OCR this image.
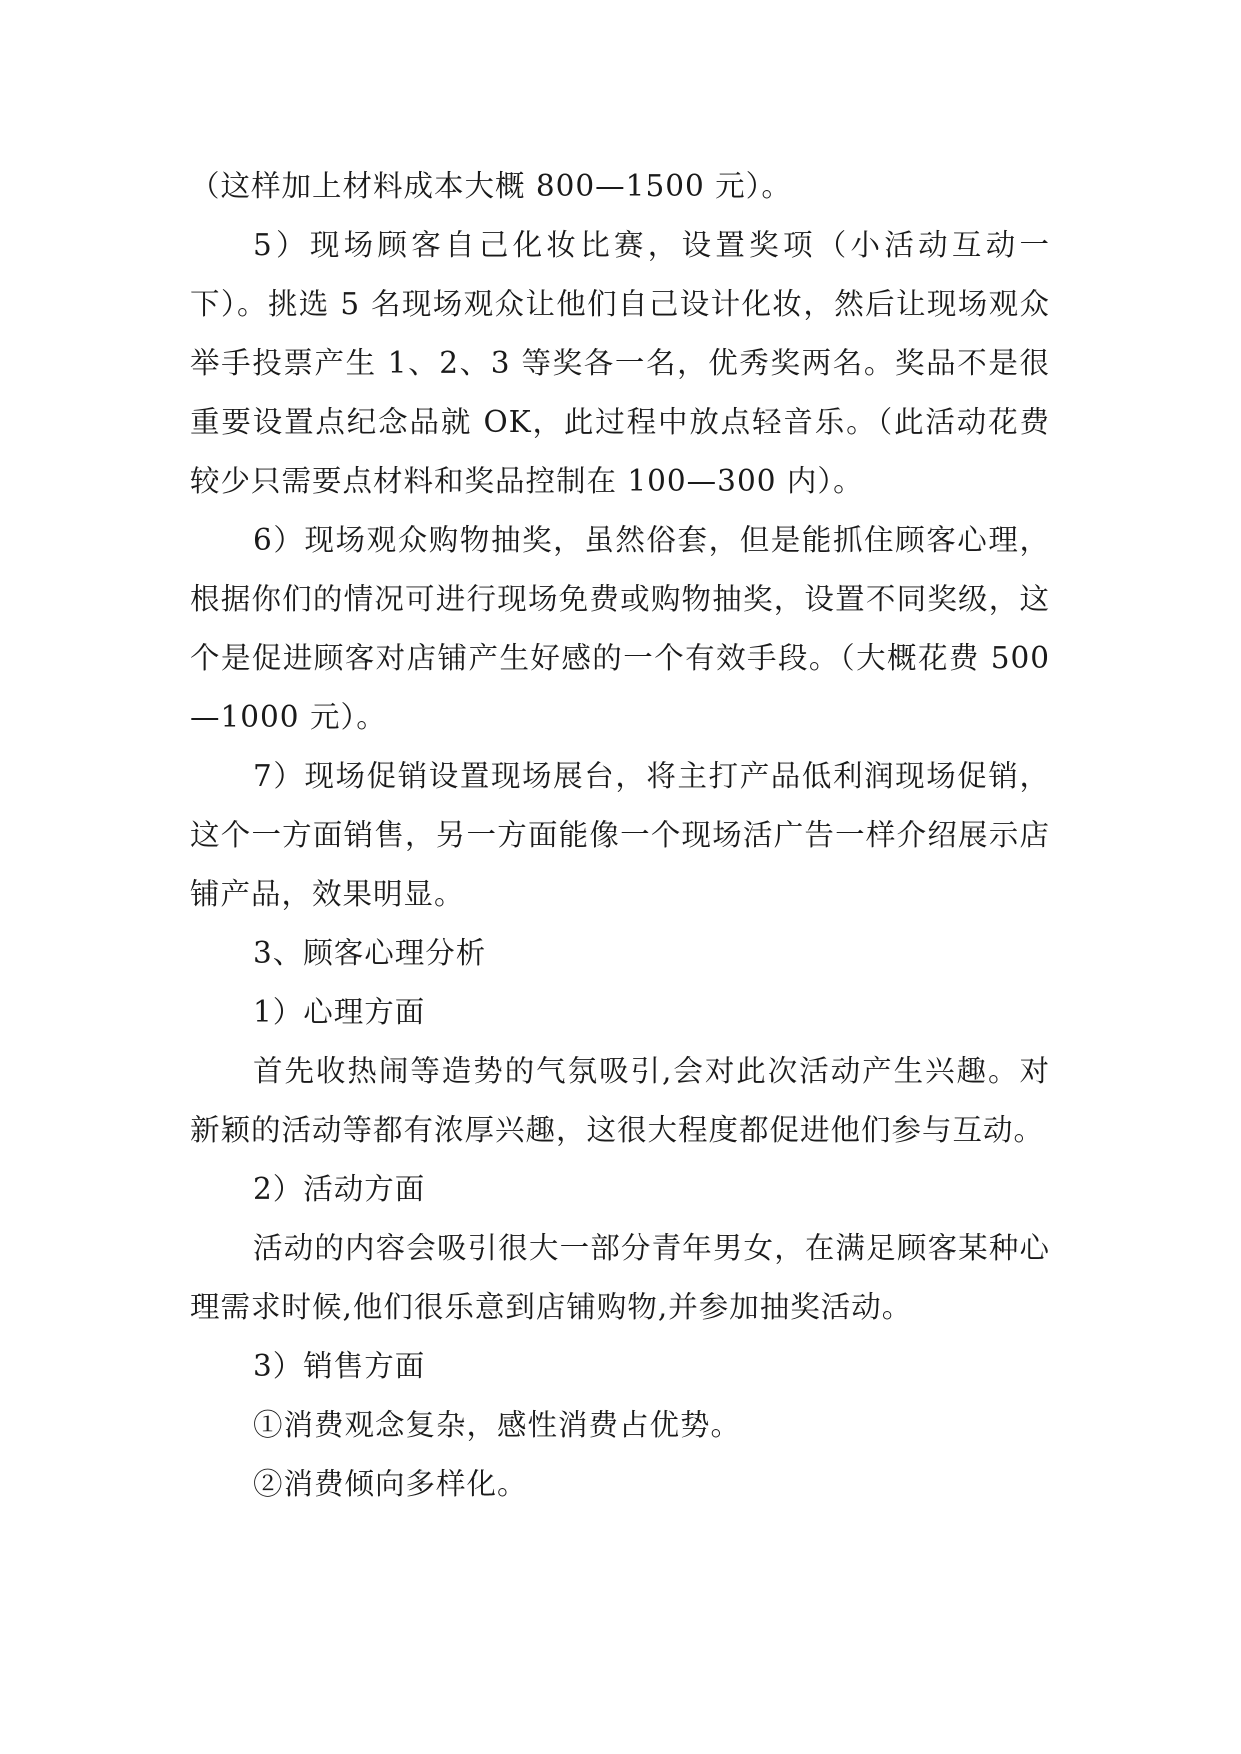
（这样加上材料成本大概 800—1500 元）。

5）现场顾客自己化妆比赛，设置奖项（小活动互动一下）。挑选 5 名现场观众让他们自己设计化妆，然后让现场观众举手投票产生 1、2、3 等奖各一名，优秀奖两名。奖品不是很重要设置点纪念品就 OK，此过程中放点轻音乐。（此活动花费较少只需要点材料和奖品控制在 100—300 内）。

6）现场观众购物抽奖，虽然俗套，但是能抓住顾客心理，根据你们的情况可进行现场免费或购物抽奖，设置不同奖级，这个是促进顾客对店铺产生好感的一个有效手段。（大概花费 500—1000 元）。

7）现场促销设置现场展台，将主打产品低利润现场促销，这个一方面销售，另一方面能像一个现场活广告一样介绍展示店铺产品，效果明显。

3、顾客心理分析

1）心理方面

首先收热闹等造势的气氛吸引,会对此次活动产生兴趣。对新颖的活动等都有浓厚兴趣，这很大程度都促进他们参与互动。

2）活动方面

活动的内容会吸引很大一部分青年男女，在满足顾客某种心理需求时候,他们很乐意到店铺购物,并参加抽奖活动。

3）销售方面

①消费观念复杂，感性消费占优势。

②消费倾向多样化。
